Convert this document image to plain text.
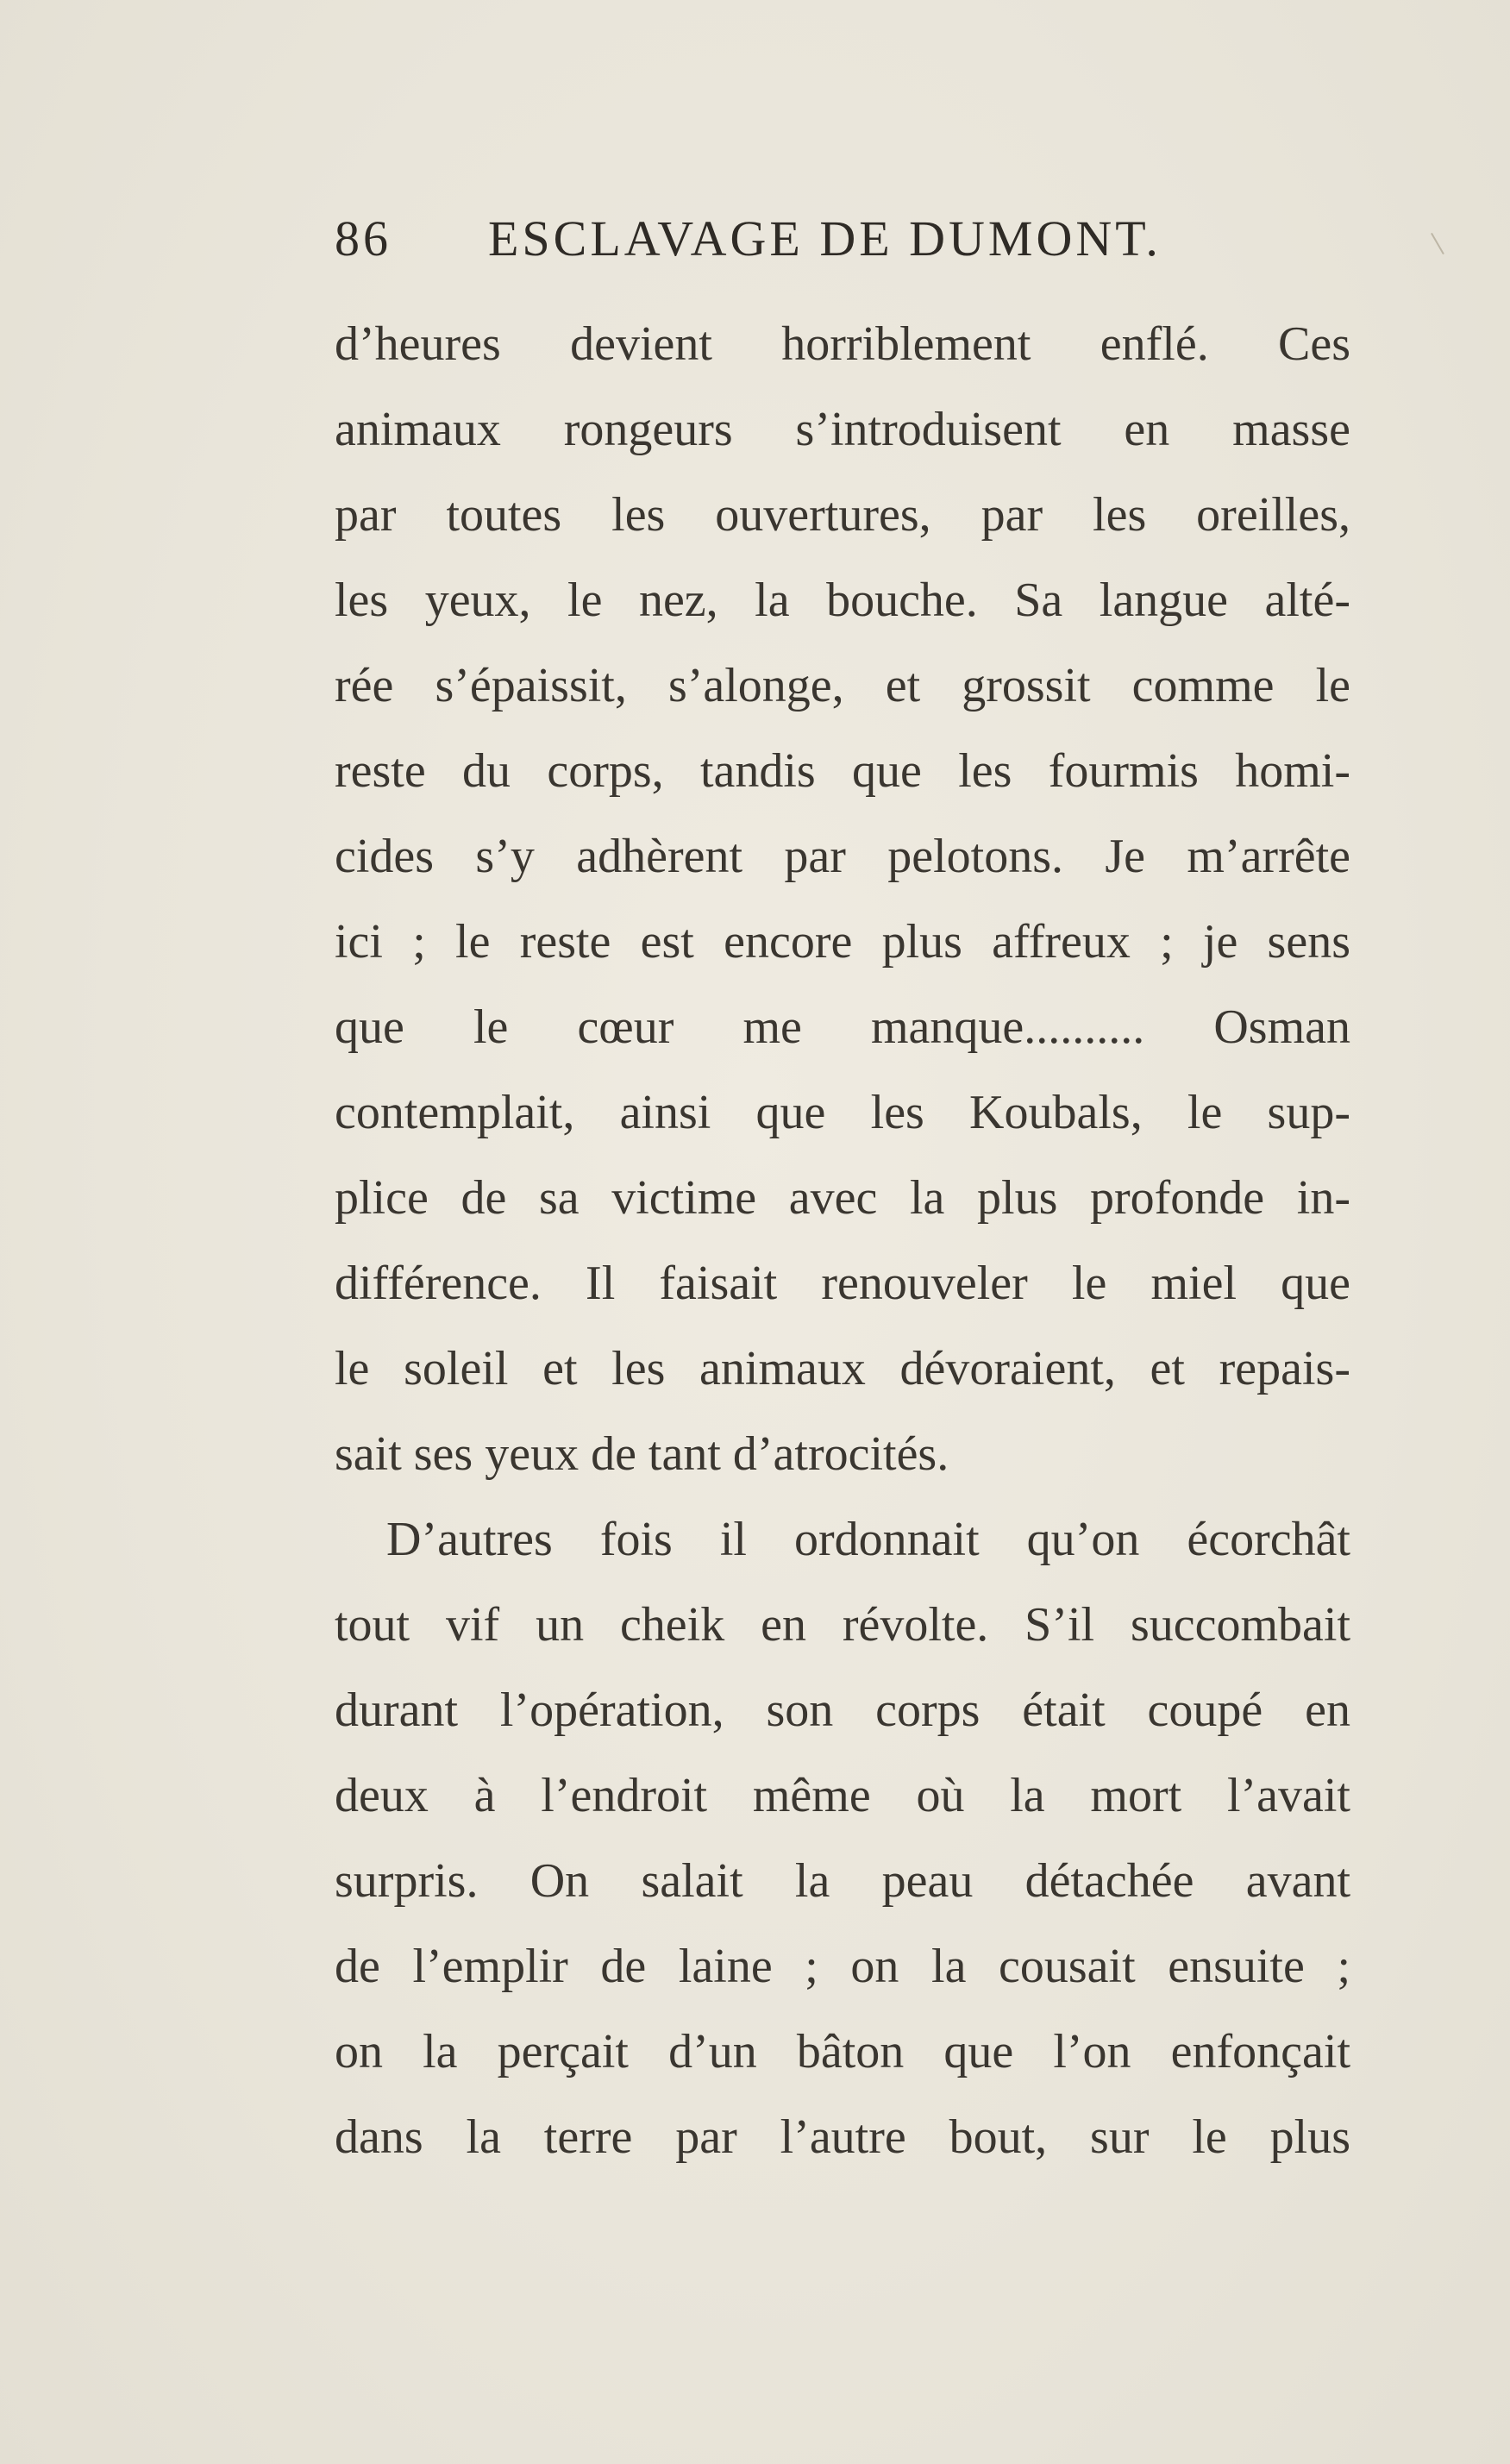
86 ESCLAVAGE DE DUMONT.
d’heures devient horriblement enflé. Ces
animaux rongeurs s’introduisent en masse
par toutes les ouvertures, par les oreilles,
les yeux, le nez, la bouche. Sa langue alté-
rée s’épaissit, s’alonge, et grossit comme le
reste du corps, tandis que les fourmis homi-
cides s’y adhèrent par pelotons. Je m’arrête
ici ; le reste est encore plus affreux ; je sens
que le cœur me manque.......... Osman
contemplait, ainsi que les Koubals, le sup-
plice de sa victime avec la plus profonde in-
différence. Il faisait renouveler le miel que
le soleil et les animaux dévoraient, et repais-
sait ses yeux de tant d’atrocités.
D’autres fois il ordonnait qu’on écorchât
tout vif un cheik en révolte. S’il succombait
durant l’opération, son corps était coupé en
deux à l’endroit même où la mort l’avait
surpris. On salait la peau détachée avant
de l’emplir de laine ; on la cousait ensuite ;
on la perçait d’un bâton que l’on enfonçait
dans la terre par l’autre bout, sur le plus
